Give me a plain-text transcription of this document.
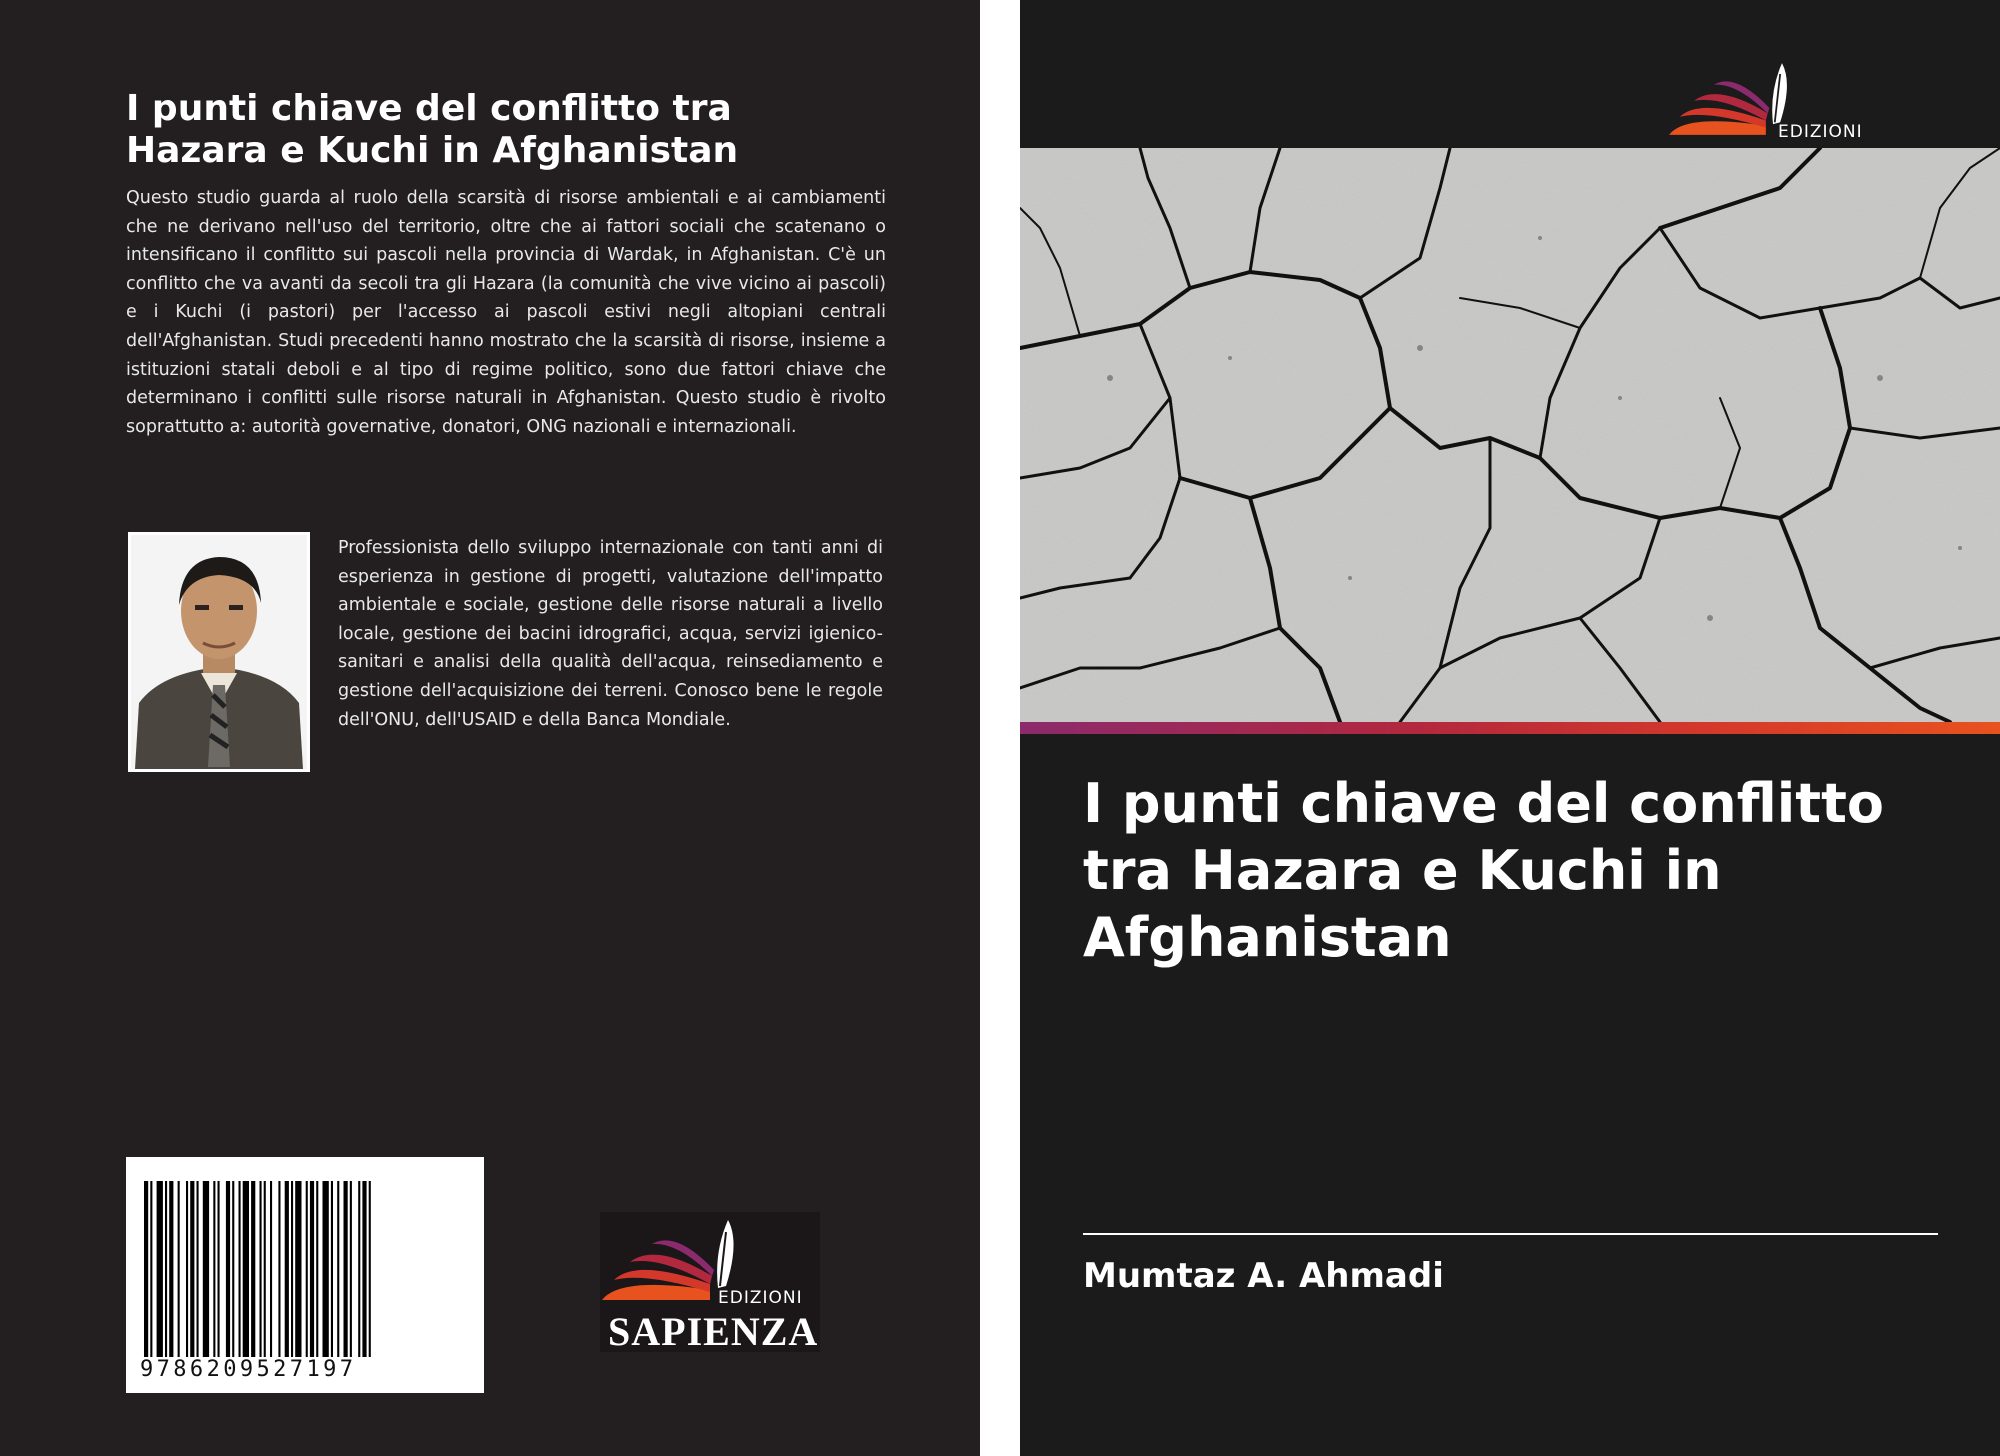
I punti chiave del conflitto tra Hazara e Kuchi in Afghanistan

Questo studio guarda al ruolo della scarsità di risorse ambientali e ai cambiamenti che ne derivano nell'uso del territorio, oltre che ai fattori sociali che scatenano o intensificano il conflitto sui pascoli nella provincia di Wardak, in Afghanistan. C'è un conflitto che va avanti da secoli tra gli Hazara (la comunità che vive vicino ai pascoli) e i Kuchi (i pastori) per l'accesso ai pascoli estivi negli altopiani centrali dell'Afghanistan. Studi precedenti hanno mostrato che la scarsità di risorse, insieme a istituzioni statali deboli e al tipo di regime politico, sono due fattori chiave che determinano i conflitti sulle risorse naturali in Afghanistan. Questo studio è rivolto soprattutto a: autorità governative, donatori, ONG nazionali e internazionali.

Professionista dello sviluppo internazionale con tanti anni di esperienza in gestione di progetti, valutazione dell'impatto ambientale e sociale, gestione delle risorse naturali a livello locale, gestione dei bacini idrografici, acqua, servizi igienico-sanitari e analisi della qualità dell'acqua, reinsediamento e gestione dell'acquisizione dei terreni. Conosco bene le regole dell'ONU, dell'USAID e della Banca Mondiale.

9786209527197
EDIZIONI
SAPIENZA
EDIZIONI
I punti chiave del conflitto tra Hazara e Kuchi in Afghanistan
Mumtaz A. Ahmadi
